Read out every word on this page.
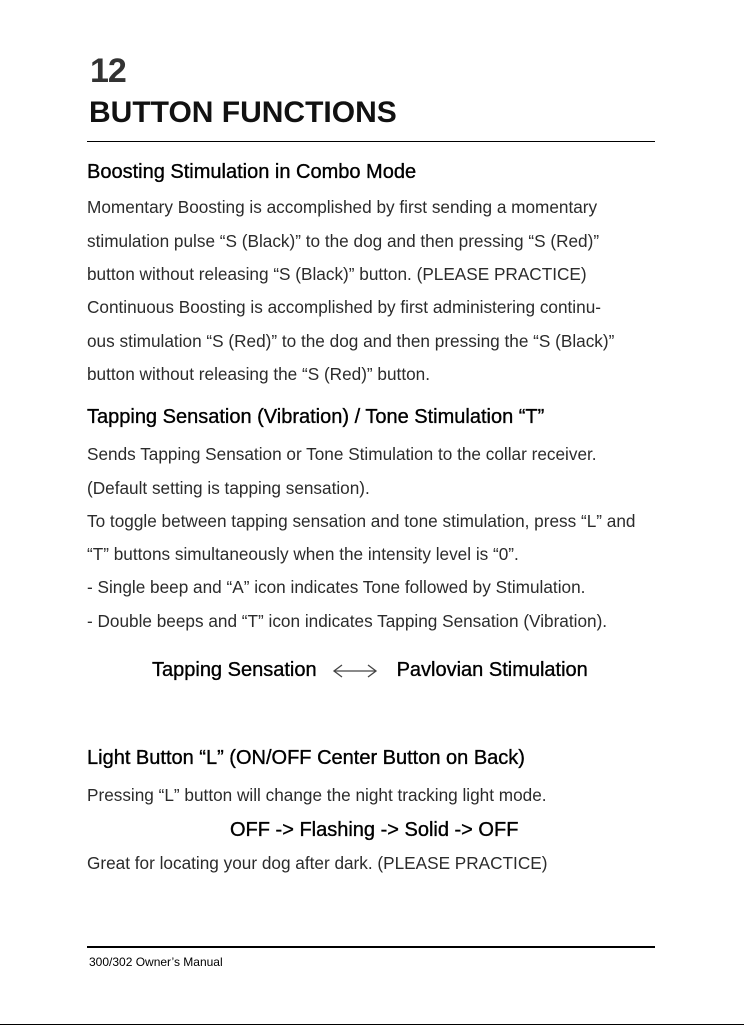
12
BUTTON FUNCTIONS
Boosting Stimulation in Combo Mode
Momentary Boosting is accomplished by first sending a momentary
stimulation pulse “S (Black)” to the dog and then pressing “S (Red)”
button without releasing “S (Black)” button. (PLEASE PRACTICE)
Continuous Boosting is accomplished by first administering continu-
ous stimulation “S (Red)” to the dog and then pressing the “S (Black)”
button without releasing the “S (Red)” button.
Tapping Sensation (Vibration) / Tone Stimulation “T”
Sends Tapping Sensation or Tone Stimulation to the collar receiver.
(Default setting is tapping sensation).
To toggle between tapping sensation and tone stimulation, press “L” and
“T” buttons simultaneously when the intensity level is “0”.
- Single beep and “A” icon indicates Tone followed by Stimulation.
- Double beeps and “T” icon indicates Tapping Sensation (Vibration).
Tapping Sensation	Pavlovian Stimulation
Light Button “L” (ON/OFF Center Button on Back)
Pressing “L” button will change the night tracking light mode.
OFF -> Flashing -> Solid -> OFF
Great for locating your dog after dark. (PLEASE PRACTICE)
300/302 Owner’s Manual
